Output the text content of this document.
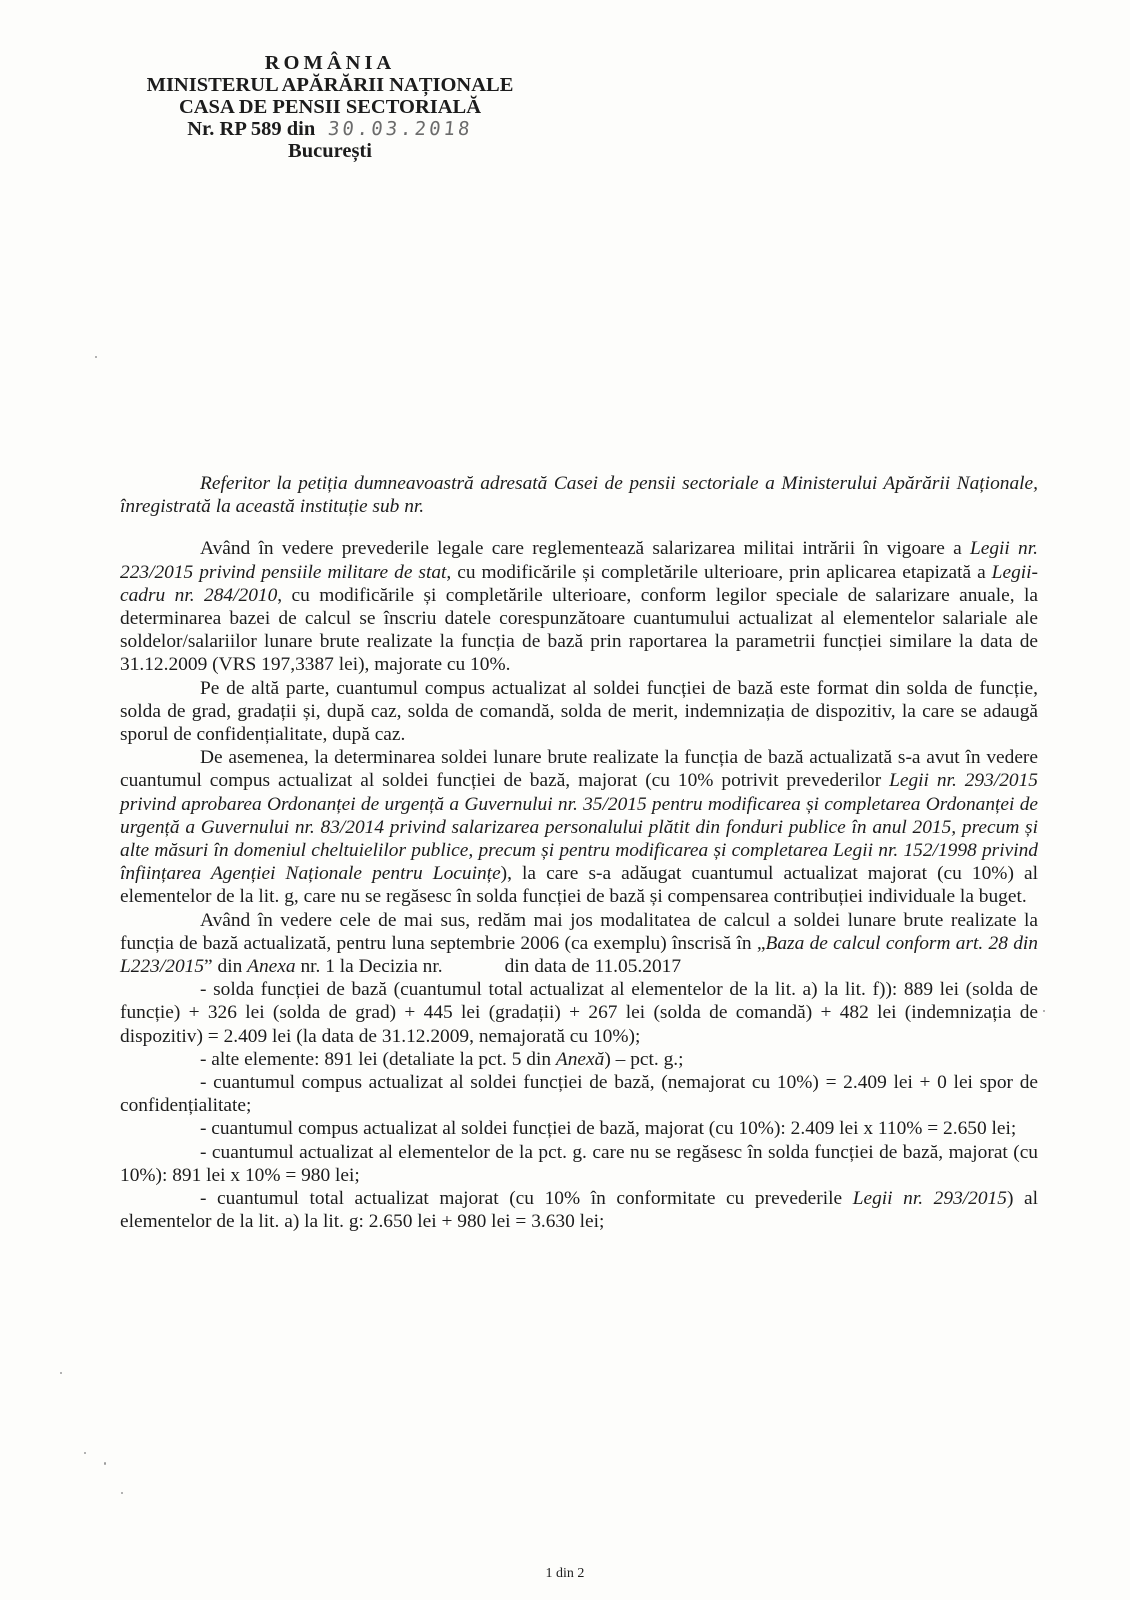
ROMÂNIA
MINISTERUL APĂRĂRII NAȚIONALE
CASA DE PENSII SECTORIALĂ
Nr. RP 589 din 30.03.2018
București

Referitor la petiția dumneavoastră adresată Casei de pensii sectoriale a Ministerului Apărării Naționale, înregistrată la această instituție sub nr.

Având în vedere prevederile legale care reglementează salarizarea militai intrării în vigoare a Legii nr. 223/2015 privind pensiile militare de stat, cu modificările și completările ulterioare, prin aplicarea etapizată a Legii-cadru nr. 284/2010, cu modificările și completările ulterioare, conform legilor speciale de salarizare anuale, la determinarea bazei de calcul se înscriu datele corespunzătoare cuantumului actualizat al elementelor salariale ale soldelor/salariilor lunare brute realizate la funcția de bază prin raportarea la parametrii funcției similare la data de 31.12.2009 (VRS 197,3387 lei), majorate cu 10%.

Pe de altă parte, cuantumul compus actualizat al soldei funcției de bază este format din solda de funcție, solda de grad, gradații și, după caz, solda de comandă, solda de merit, indemnizația de dispozitiv, la care se adaugă sporul de confidențialitate, după caz.

De asemenea, la determinarea soldei lunare brute realizate la funcția de bază actualizată s-a avut în vedere cuantumul compus actualizat al soldei funcției de bază, majorat (cu 10% potrivit prevederilor Legii nr. 293/2015 privind aprobarea Ordonanței de urgență a Guvernului nr. 35/2015 pentru modificarea și completarea Ordonanței de urgență a Guvernului nr. 83/2014 privind salarizarea personalului plătit din fonduri publice în anul 2015, precum și alte măsuri în domeniul cheltuielilor publice, precum și pentru modificarea și completarea Legii nr. 152/1998 privind înființarea Agenției Naționale pentru Locuințe), la care s-a adăugat cuantumul actualizat majorat (cu 10%) al elementelor de la lit. g, care nu se regăsesc în solda funcției de bază și compensarea contribuției individuale la buget.

Având în vedere cele de mai sus, redăm mai jos modalitatea de calcul a soldei lunare brute realizate la funcția de bază actualizată, pentru luna septembrie 2006 (ca exemplu) înscrisă în „Baza de calcul conform art. 28 din L223/2015” din Anexa nr. 1 la Decizia nr.	din data de 11.05.2017

- solda funcției de bază (cuantumul total actualizat al elementelor de la lit. a) la lit. f)): 889 lei (solda de funcție) + 326 lei (solda de grad) + 445 lei (gradații) + 267 lei (solda de comandă) + 482 lei (indemnizația de dispozitiv) = 2.409 lei (la data de 31.12.2009, nemajorată cu 10%);

- alte elemente: 891 lei (detaliate la pct. 5 din Anexă) – pct. g.;

- cuantumul compus actualizat al soldei funcției de bază, (nemajorat cu 10%) = 2.409 lei + 0 lei spor de confidențialitate;

- cuantumul compus actualizat al soldei funcției de bază, majorat (cu 10%): 2.409 lei x 110% = 2.650 lei;

- cuantumul actualizat al elementelor de la pct. g. care nu se regăsesc în solda funcției de bază, majorat (cu 10%): 891 lei x 10% = 980 lei;

- cuantumul total actualizat majorat (cu 10% în conformitate cu prevederile Legii nr. 293/2015) al elementelor de la lit. a) la lit. g: 2.650 lei + 980 lei = 3.630 lei;

1 din 2
